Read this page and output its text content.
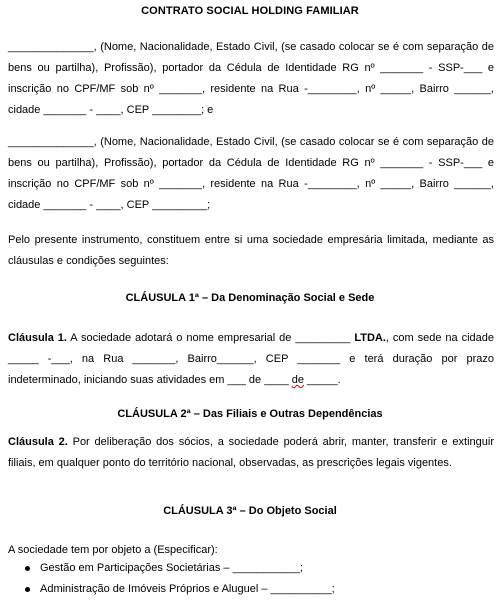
CONTRATO SOCIAL HOLDING FAMILIAR
______________, (Nome, Nacionalidade, Estado Civil, (se casado colocar se é com separação de bens ou partilha), Profissão), portador da Cédula de Identidade RG nº _______ - SSP-___ e inscrição no CPF/MF sob nº _______, residente na Rua -________, nº _____, Bairro ______, cidade _______ - ____, CEP ________; e
______________, (Nome, Nacionalidade, Estado Civil, (se casado colocar se é com separação de bens ou partilha), Profissão), portador da Cédula de Identidade RG nº _______ - SSP-___ e inscrição no CPF/MF sob nº _______, residente na Rua -________, nº _____, Bairro ______, cidade _______ - ____, CEP _________;
Pelo presente instrumento, constituem entre si uma sociedade empresária limitada, mediante as cláusulas e condições seguintes:
CLÁUSULA 1ª – Da Denominação Social e Sede
Cláusula 1. A sociedade adotará o nome empresarial de _________ LTDA., com sede na cidade _____ -___, na Rua _______, Bairro______, CEP _______ e terá duração por prazo indeterminado, iniciando suas atividades em ___ de ____ de _____.
CLÁUSULA 2ª – Das Filiais e Outras Dependências
Cláusula 2. Por deliberação dos sócios, a sociedade poderá abrir, manter, transferir e extinguir filiais, em qualquer ponto do território nacional, observadas, as prescrições legais vigentes.
CLÁUSULA 3ª – Do Objeto Social
A sociedade tem por objeto a (Especificar):
Gestão em Participações Societárias – ___________;
Administração de Imóveis Próprios e Aluguel – __________;
